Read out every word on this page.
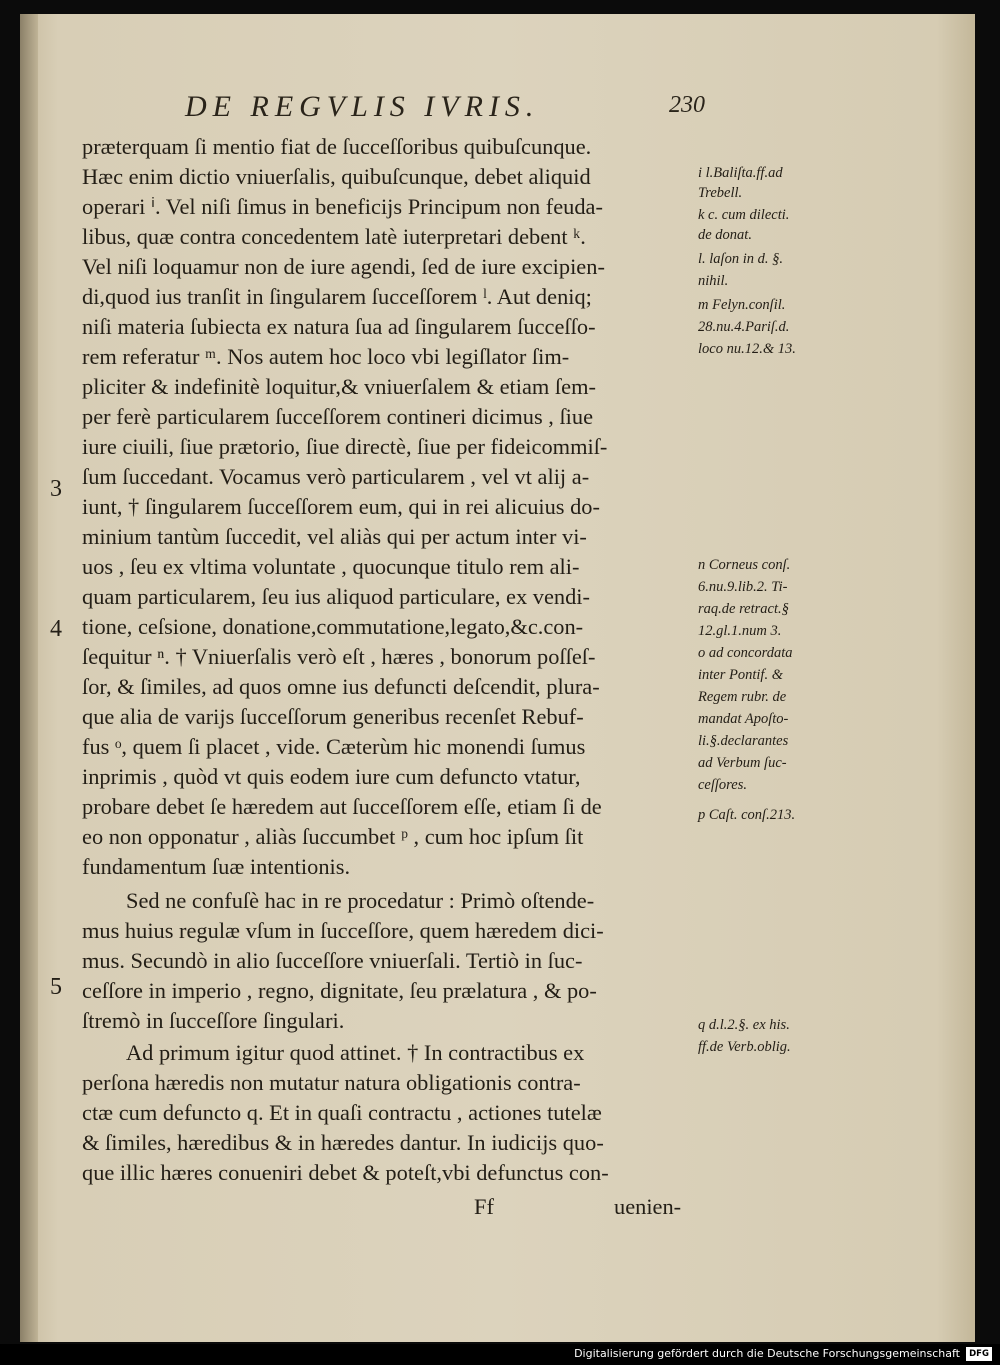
DE REGVLIS IVRIS.	230
præterquam ſi mentio fiat de ſucceſſoribus quibuſcunque.
Hæc enim dictio vniuerſalis, quibuſcunque, debet aliquid
operari ⁱ. Vel niſi ſimus in beneficijs Principum non feuda-
libus, quæ contra concedentem latè iuterpretari debent ᵏ.
Vel niſi loquamur non de iure agendi, ſed de iure excipien-
di,quod ius tranſit in ſingularem ſucceſſorem ˡ. Aut deniq;
niſi materia ſubiecta ex natura ſua ad ſingularem ſucceſſo-
rem referatur ᵐ. Nos autem hoc loco vbi legiſlator ſim-
pliciter & indefinitè loquitur,& vniuerſalem & etiam ſem-
per ferè particularem ſucceſſorem contineri dicimus , ſiue
iure ciuili, ſiue prætorio, ſiue directè, ſiue per fideicommiſ-
ſum ſuccedant. Vocamus verò particularem , vel vt alij a-
iunt, † ſingularem ſucceſſorem eum, qui in rei alicuius do-
minium tantùm ſuccedit, vel aliàs qui per actum inter vi-
uos , ſeu ex vltima voluntate , quocunque titulo rem ali-
quam particularem, ſeu ius aliquod particulare, ex vendi-
tione, ceſsione, donatione,commutatione,legato,&c.con-
ſequitur ⁿ. † Vniuerſalis verò eſt , hæres , bonorum poſſeſ-
ſor, & ſimiles, ad quos omne ius defuncti deſcendit, plura-
que alia de varijs ſucceſſorum generibus recenſet Rebuf-
fus ᵒ, quem ſi placet , vide. Cæterùm hic monendi ſumus
inprimis , quòd vt quis eodem iure cum defuncto vtatur,
probare debet ſe hæredem aut ſucceſſorem eſſe, etiam ſi de
eo non opponatur , aliàs ſuccumbet ᵖ , cum hoc ipſum ſit
fundamentum ſuæ intentionis.
Sed ne confuſè hac in re procedatur : Primò oſtende-
mus huius regulæ vſum in ſucceſſore, quem hæredem dici-
mus. Secundò in alio ſucceſſore vniuerſali. Tertiò in ſuc-
ceſſore in imperio , regno, dignitate, ſeu prælatura , & po-
ſtremò in ſucceſſore ſingulari.
Ad primum igitur quod attinet. † In contractibus ex
perſona hæredis non mutatur natura obligationis contra-
ctæ cum defuncto q. Et in quaſi contractu , actiones tutelæ
& ſimiles, hæredibus & in hæredes dantur. In iudicijs quo-
que illic hæres conueniri debet & poteſt,vbi defunctus con-
Ff	uenien-
3
4
5
i l.Baliſta.ff.ad
Trebell.
k c. cum dilecti.
de donat.
l. laſon in d. §.
nihil.
m Felyn.conſil.
28.nu.4.Pariſ.d.
loco nu.12.& 13.
n Corneus conſ.
6.nu.9.lib.2. Ti-
raq.de retract.§
12.gl.1.num 3.
o ad concordata
inter Pontif. &
Regem rubr. de
mandat Apoſto-
li.§.declarantes
ad Verbum ſuc-
ceſſores.
p Caſt. conſ.213.
q d.l.2.§. ex his.
ff.de Verb.oblig.
Digitalisierung gefördert durch die Deutsche Forschungsgemeinschaft	DFG
